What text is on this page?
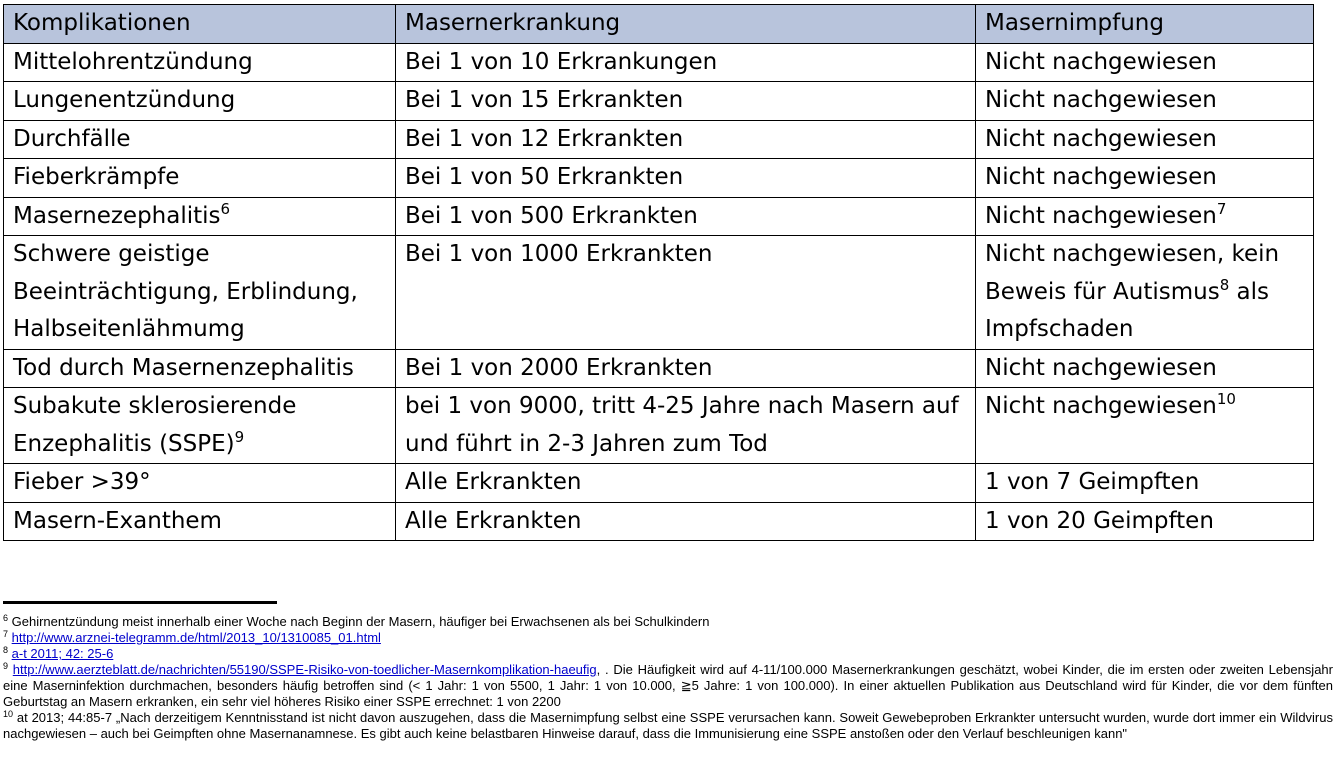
Komplikationen	Masernerkrankung	Masernimpfung
Mittelohrentzündung	Bei 1 von 10 Erkrankungen	Nicht nachgewiesen
Lungenentzündung	Bei 1 von 15 Erkrankten	Nicht nachgewiesen
Durchfälle	Bei 1 von 12 Erkrankten	Nicht nachgewiesen
Fieberkrämpfe	Bei 1 von 50 Erkrankten	Nicht nachgewiesen
Masernezephalitis$^6$	Bei 1 von 500 Erkrankten	Nicht nachgewiesen$^7$
Schwere geistige Beeinträchtigung, Erblindung, Halbseitenlähmumg	Bei 1 von 1000 Erkrankten	Nicht nachgewiesen, kein Beweis für Autismus$^8$ als Impfschaden
Tod durch Masernenzephalitis	Bei 1 von 2000 Erkrankten	Nicht nachgewiesen
Subakute sklerosierende Enzephalitis (SSPE)$^9$	bei 1 von 9000, tritt 4-25 Jahre nach Masern auf und führt in 2-3 Jahren zum Tod	Nicht nachgewiesen$^{10}$
Fieber >39°	Alle Erkrankten	1 von 7 Geimpften
Masern-Exanthem	Alle Erkrankten	1 von 20 Geimpften
$^6$ Gehirnentzündung meist innerhalb einer Woche nach Beginn der Masern, häufiger bei Erwachsenen als bei Schulkindern
$^7$ http://www.arznei-telegramm.de/html/2013_10/1310085_01.html
$^8$ a-t 2011; 42: 25-6
$^9$ http://www.aerzteblatt.de/nachrichten/55190/SSPE-Risiko-von-toedlicher-Masernkomplikation-haeufig, . Die Häufigkeit wird auf 4-11/100.000 Masernerkrankungen geschätzt, wobei Kinder, die im ersten oder zweiten Lebensjahr eine Maserninfektion durchmachen, besonders häufig betroffen sind (< 1 Jahr: 1 von 5500, 1 Jahr: 1 von 10.000, ≧5 Jahre: 1 von 100.000). In einer aktuellen Publikation aus Deutschland wird für Kinder, die vor dem fünften Geburtstag an Masern erkranken, ein sehr viel höheres Risiko einer SSPE errechnet: 1 von 2200
$^{10}$ at 2013; 44:85-7 „Nach derzeitigem Kenntnisstand ist nicht davon auszugehen, dass die Masernimpfung selbst eine SSPE verursachen kann. Soweit Gewebeproben Erkrankter untersucht wurden, wurde dort immer ein Wildvirus nachgewiesen – auch bei Geimpften ohne Masernanamnese. Es gibt auch keine belastbaren Hinweise darauf, dass die Immunisierung eine SSPE anstoßen oder den Verlauf beschleunigen kann"
